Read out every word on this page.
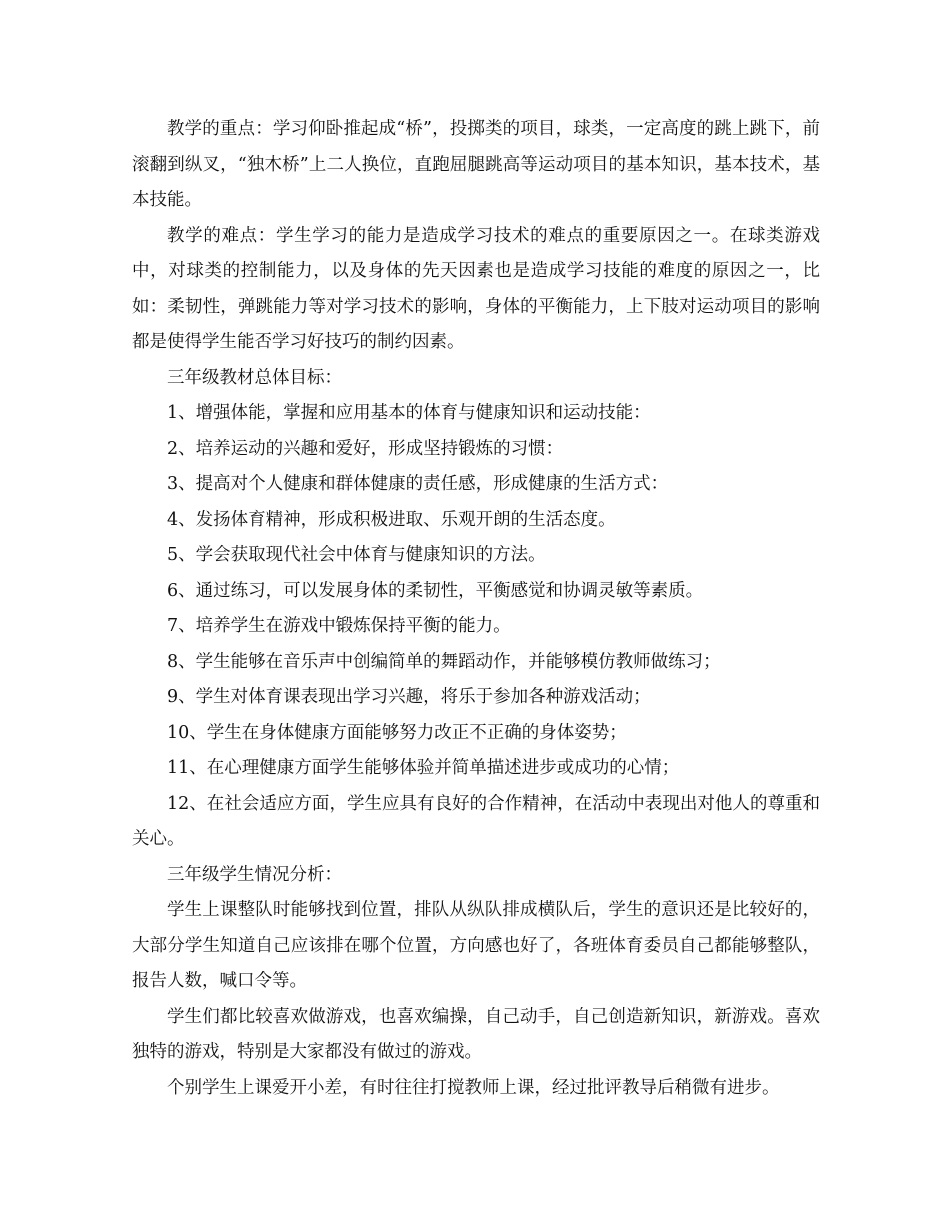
教学的重点：学习仰卧推起成“桥”，投掷类的项目，球类，一定高度的跳上跳下，前滚翻到纵叉，“独木桥”上二人换位，直跑屈腿跳高等运动项目的基本知识，基本技术，基本技能。

教学的难点：学生学习的能力是造成学习技术的难点的重要原因之一。在球类游戏中，对球类的控制能力，以及身体的先天因素也是造成学习技能的难度的原因之一，比如：柔韧性，弹跳能力等对学习技术的影响，身体的平衡能力，上下肢对运动项目的影响都是使得学生能否学习好技巧的制约因素。

三年级教材总体目标：

1、增强体能，掌握和应用基本的体育与健康知识和运动技能：

2、培养运动的兴趣和爱好，形成坚持锻炼的习惯：

3、提高对个人健康和群体健康的责任感，形成健康的生活方式：

4、发扬体育精神，形成积极进取、乐观开朗的生活态度。

5、学会获取现代社会中体育与健康知识的方法。

6、通过练习，可以发展身体的柔韧性，平衡感觉和协调灵敏等素质。

7、培养学生在游戏中锻炼保持平衡的能力。

8、学生能够在音乐声中创编简单的舞蹈动作，并能够模仿教师做练习；

9、学生对体育课表现出学习兴趣，将乐于参加各种游戏活动；

10、学生在身体健康方面能够努力改正不正确的身体姿势；

11、在心理健康方面学生能够体验并简单描述进步或成功的心情；

12、在社会适应方面，学生应具有良好的合作精神，在活动中表现出对他人的尊重和关心。

三年级学生情况分析：

学生上课整队时能够找到位置，排队从纵队排成横队后，学生的意识还是比较好的，大部分学生知道自己应该排在哪个位置，方向感也好了，各班体育委员自己都能够整队，报告人数，喊口令等。

学生们都比较喜欢做游戏，也喜欢编操，自己动手，自己创造新知识，新游戏。喜欢独特的游戏，特别是大家都没有做过的游戏。

个别学生上课爱开小差，有时往往打搅教师上课，经过批评教导后稍微有进步。
